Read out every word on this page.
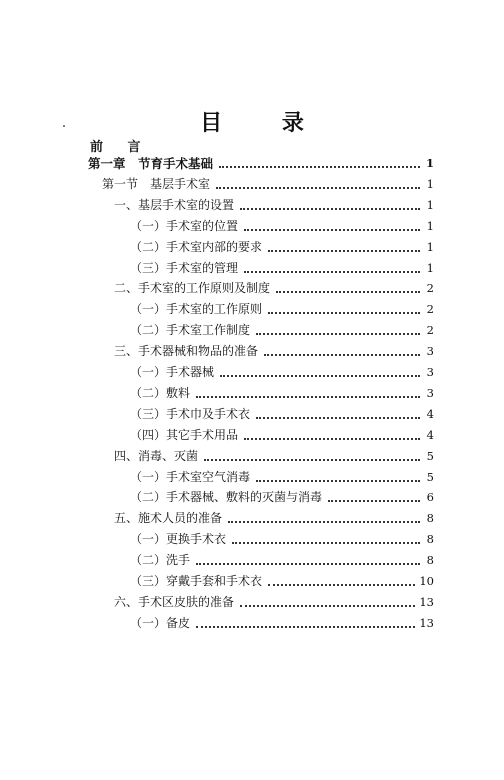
目 录
前 言
第一章　节育手术基础	1
第一节　基层手术室	1
一、基层手术室的设置	1
（一）手术室的位置	1
（二）手术室内部的要求	1
（三）手术室的管理	1
二、手术室的工作原则及制度	2
（一）手术室的工作原则	2
（二）手术室工作制度	2
三、手术器械和物品的准备	3
（一）手术器械	3
（二）敷料	3
（三）手术巾及手术衣	4
（四）其它手术用品	4
四、消毒、灭菌	5
（一）手术室空气消毒	5
（二）手术器械、敷料的灭菌与消毒	6
五、施术人员的准备	8
（一）更换手术衣	8
（二）洗手	8
（三）穿戴手套和手术衣	10
六、手术区皮肤的准备	13
（一）备皮	13
